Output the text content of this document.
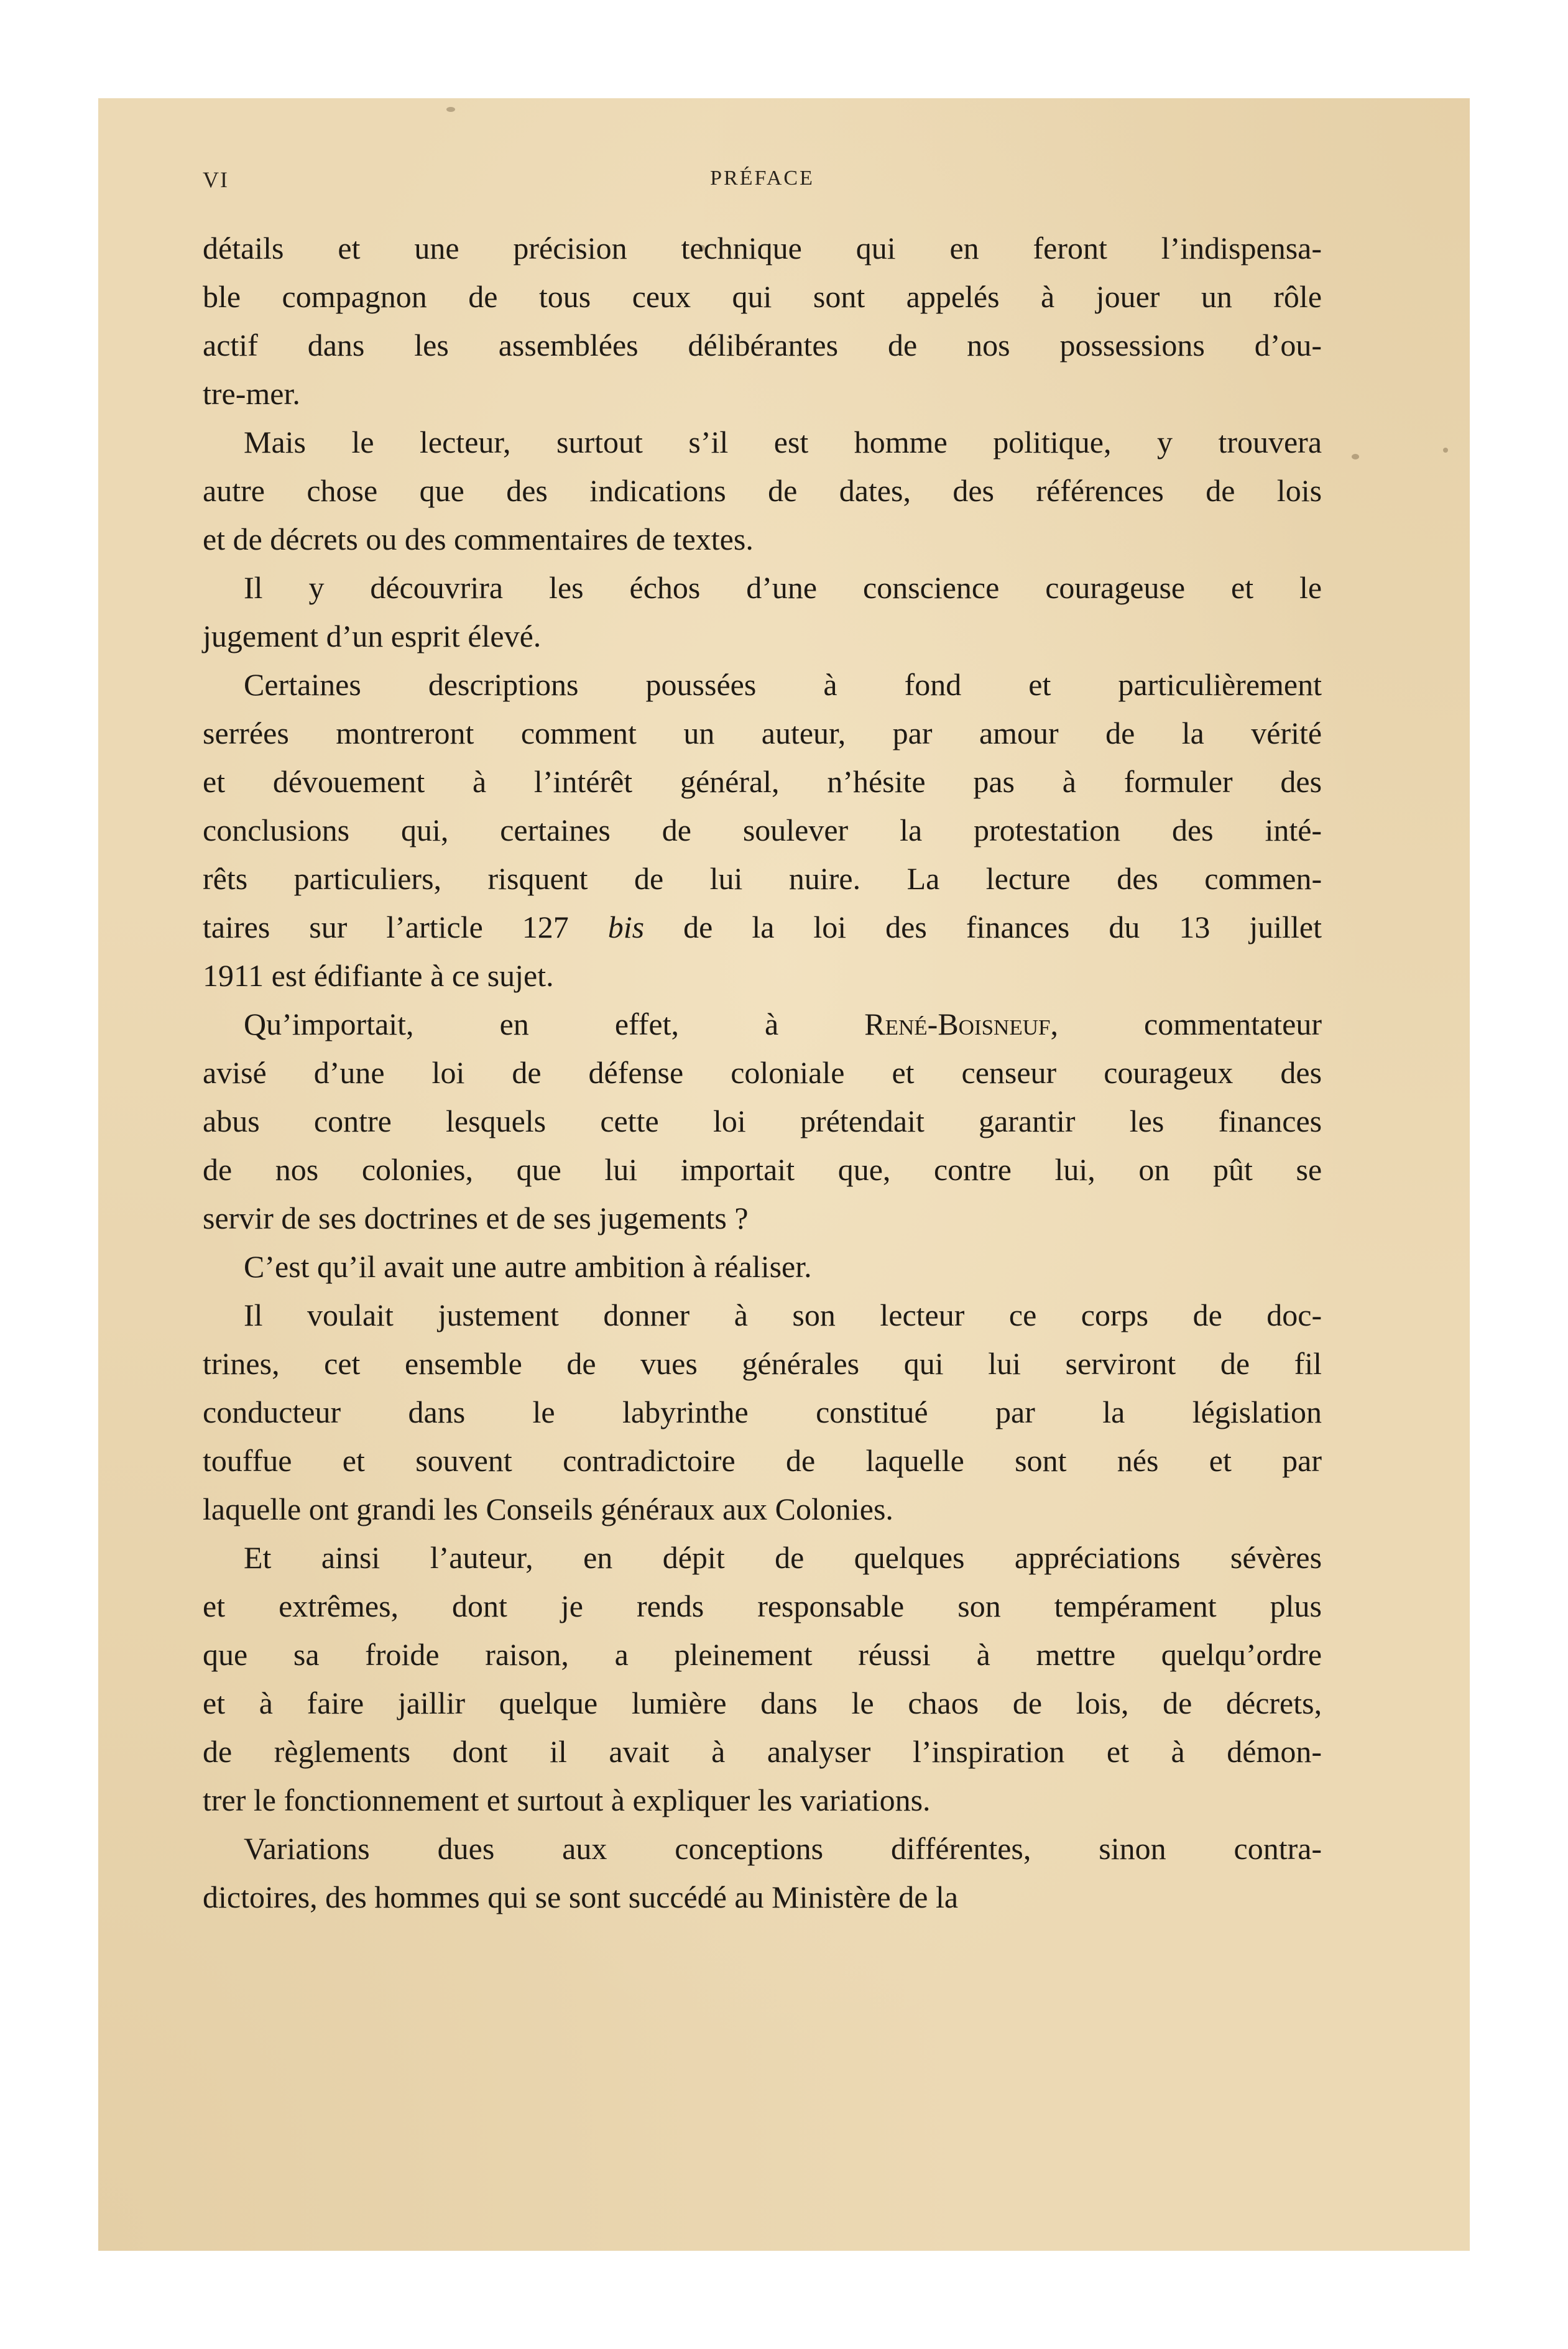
VI	PRÉFACE

détails et une précision technique qui en feront l’indispensa-
ble compagnon de tous ceux qui sont appelés à jouer un rôle
actif dans les assemblées délibérantes de nos possessions d’ou-
tre-mer.

Mais le lecteur, surtout s’il est homme politique, y trouvera
autre chose que des indications de dates, des références de lois
et de décrets ou des commentaires de textes.

Il y découvrira les échos d’une conscience courageuse et le
jugement d’un esprit élevé.

Certaines descriptions poussées à fond et particulièrement
serrées montreront comment un auteur, par amour de la vérité
et dévouement à l’intérêt général, n’hésite pas à formuler des
conclusions qui, certaines de soulever la protestation des inté-
rêts particuliers, risquent de lui nuire. La lecture des commen-
taires sur l’article 127 bis de la loi des finances du 13 juillet
1911 est édifiante à ce sujet.

Qu’importait,	en	effet,	à	René-Boisneuf,	commentateur
avisé d’une loi de défense coloniale et censeur courageux des
abus contre lesquels cette loi prétendait garantir les finances
de nos colonies, que lui importait que, contre lui, on pût se
servir de ses doctrines et de ses jugements ?

C’est qu’il avait une autre ambition à réaliser.

Il voulait justement donner à son lecteur ce corps de doc-
trines, cet ensemble de vues générales qui lui serviront de fil
conducteur dans le labyrinthe constitué par la législation
touffue et souvent contradictoire de laquelle sont nés et par
laquelle ont grandi les Conseils généraux aux Colonies.

Et ainsi l’auteur, en dépit de quelques appréciations sévères
et extrêmes, dont je rends responsable son tempérament plus
que sa froide raison, a pleinement réussi à mettre quelqu’ordre
et à faire jaillir quelque lumière dans le chaos de lois, de décrets,
de règlements dont il avait à analyser l’inspiration et à démon-
trer le fonctionnement et surtout à expliquer les variations.

Variations dues aux conceptions différentes, sinon contra-
dictoires, des hommes qui se sont succédé au Ministère de la
